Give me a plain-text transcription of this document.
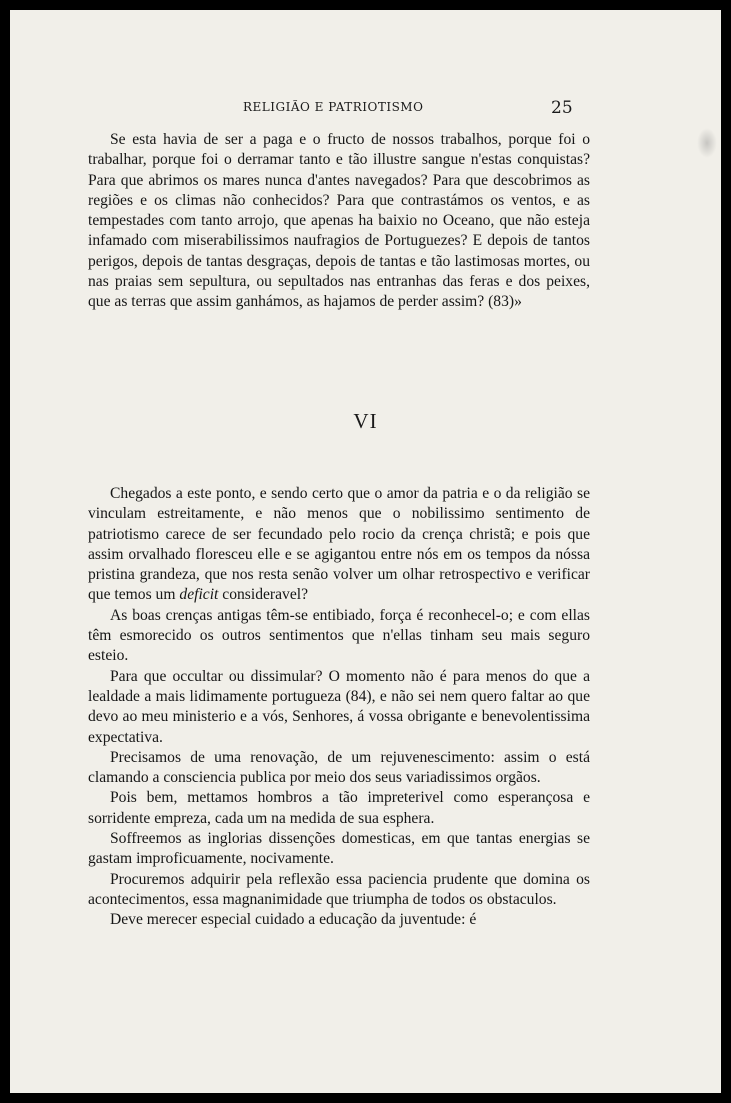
RELIGIÃO E PATRIOTISMO	25

Se esta havia de ser a paga e o fructo de nossos trabalhos, porque foi o trabalhar, porque foi o derramar tanto e tão illustre sangue n'estas conquistas? Para que abrimos os mares nunca d'antes navegados? Para que descobrimos as regiões e os climas não conhecidos? Para que contrastámos os ventos, e as tempestades com tanto arrojo, que apenas ha baixio no Oceano, que não esteja infamado com miserabilissimos naufragios de Portuguezes? E depois de tantos perigos, depois de tantas desgraças, depois de tantas e tão lastimosas mortes, ou nas praias sem sepultura, ou sepultados nas entranhas das feras e dos peixes, que as terras que assim ganhámos, as hajamos de perder assim? (83)»

VI

Chegados a este ponto, e sendo certo que o amor da patria e o da religião se vinculam estreitamente, e não menos que o nobilissimo sentimento de patriotismo carece de ser fecundado pelo rocio da crença christã; e pois que assim orvalhado floresceu elle e se agigantou entre nós em os tempos da nóssa pristina grandeza, que nos resta senão volver um olhar retrospectivo e verificar que temos um deficit consideravel?

As boas crenças antigas têm-se entibiado, força é reconhecel-o; e com ellas têm esmorecido os outros sentimentos que n'ellas tinham seu mais seguro esteio.

Para que occultar ou dissimular? O momento não é para menos do que a lealdade a mais lidimamente portugueza (84), e não sei nem quero faltar ao que devo ao meu ministerio e a vós, Senhores, á vossa obrigante e benevolentissima expectativa.

Precisamos de uma renovação, de um rejuvenescimento: assim o está clamando a consciencia publica por meio dos seus variadissimos orgãos.

Pois bem, mettamos hombros a tão impreterivel como esperançosa e sorridente empreza, cada um na medida de sua esphera.

Soffreemos as inglorias dissenções domesticas, em que tantas energias se gastam improficuamente, nocivamente.

Procuremos adquirir pela reflexão essa paciencia prudente que domina os acontecimentos, essa magnanimidade que triumpha de todos os obstaculos.

Deve merecer especial cuidado a educação da juventude: é
